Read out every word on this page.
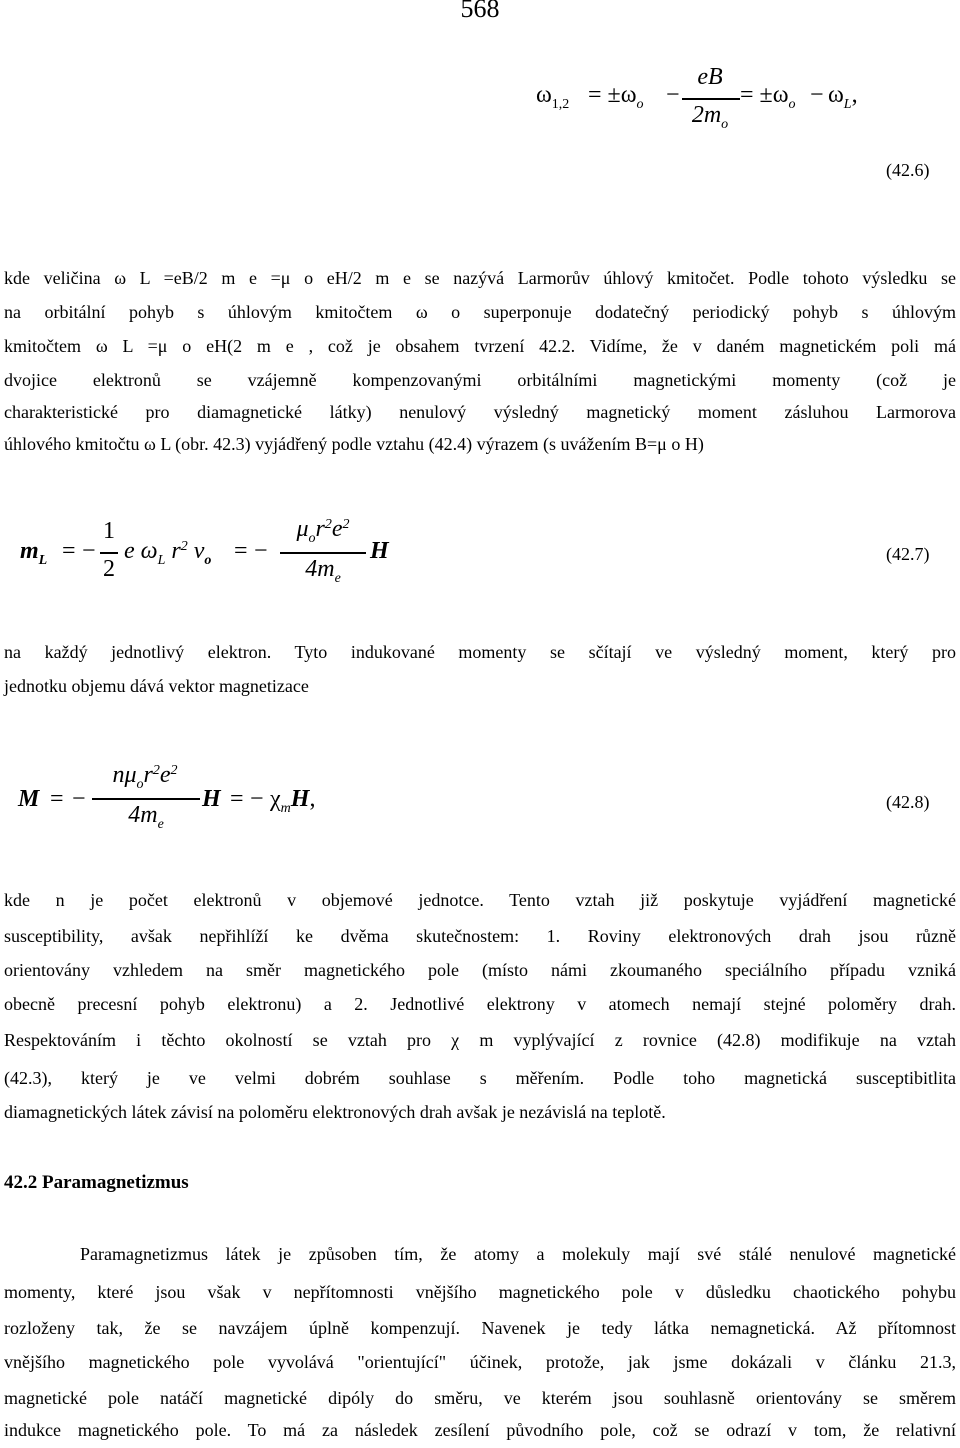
568
$\omega_{1,2} = \pm\omega_o$ −
eB
$2m_o$
= $\pm\omega_o - \omega_L$,
(42.6)
kde veličina ω L =eB/2 m e =μ o eH/2 m e se nazývá Larmorův úhlový kmitočet. Podle tohoto výsledku se
na orbitální pohyb s úhlovým kmitočtem ω o superponuje dodatečný periodický pohyb s úhlovým
kmitočtem ω L =μ o eH(2 m e , což je obsahem tvrzení 42.2. Vidíme, že v daném magnetickém poli má
dvojice elektronů se vzájemně kompenzovanými orbitálními magnetickými momenty (což je
charakteristické pro diamagnetické látky) nenulový výsledný magnetický moment zásluhou Larmorova
úhlového kmitočtu ω L (obr. 42.3) vyjádřený podle vztahu (42.4) výrazem (s uvážením B=μ o H)
$m_L$ = −
1
2
e $\omega_L$ $r^2$ $\nu_o$ = −
$\mu_or^2e^2$
$4m_e$
H	(42.7)
na každý jednotlivý elektron. Tyto indukované momenty se sčítají ve výsledný moment, který pro
jednotku objemu dává vektor magnetizace
M = −
$n\mu_or^2e^2$
$4m_e$
H = − $\chi_mH$,	(42.8)
kde n je počet elektronů v objemové jednotce. Tento vztah již poskytuje vyjádření magnetické
susceptibility, avšak nepřihlíží ke dvěma skutečnostem: 1. Roviny elektronových drah jsou různě
orientovány vzhledem na směr magnetického pole (místo námi zkoumaného speciálního případu vzniká
obecně precesní pohyb elektronu) a 2. Jednotlivé elektrony v atomech nemají stejné poloměry drah.
Respektováním i těchto okolností se vztah pro χ m vyplývající z rovnice (42.8) modifikuje na vztah
(42.3), který je ve velmi dobrém souhlase s měřením. Podle toho magnetická susceptibitlita
diamagnetických látek závisí na poloměru elektronových drah avšak je nezávislá na teplotě.
42.2 Paramagnetizmus
Paramagnetizmus látek je způsoben tím, že atomy a molekuly mají své stálé nenulové magnetické
momenty, které jsou však v nepřítomnosti vnějšího magnetického pole v důsledku chaotického pohybu
rozloženy tak, že se navzájem úplně kompenzují. Navenek je tedy látka nemagnetická. Až přítomnost
vnějšího magnetického pole vyvolává "orientující" účinek, protože, jak jsme dokázali v článku 21.3,
magnetické pole natáčí magnetické dipóly do směru, ve kterém jsou souhlasně orientovány se směrem
indukce magnetického pole. To má za následek zesílení původního pole, což se odrazí v tom, že relativní
